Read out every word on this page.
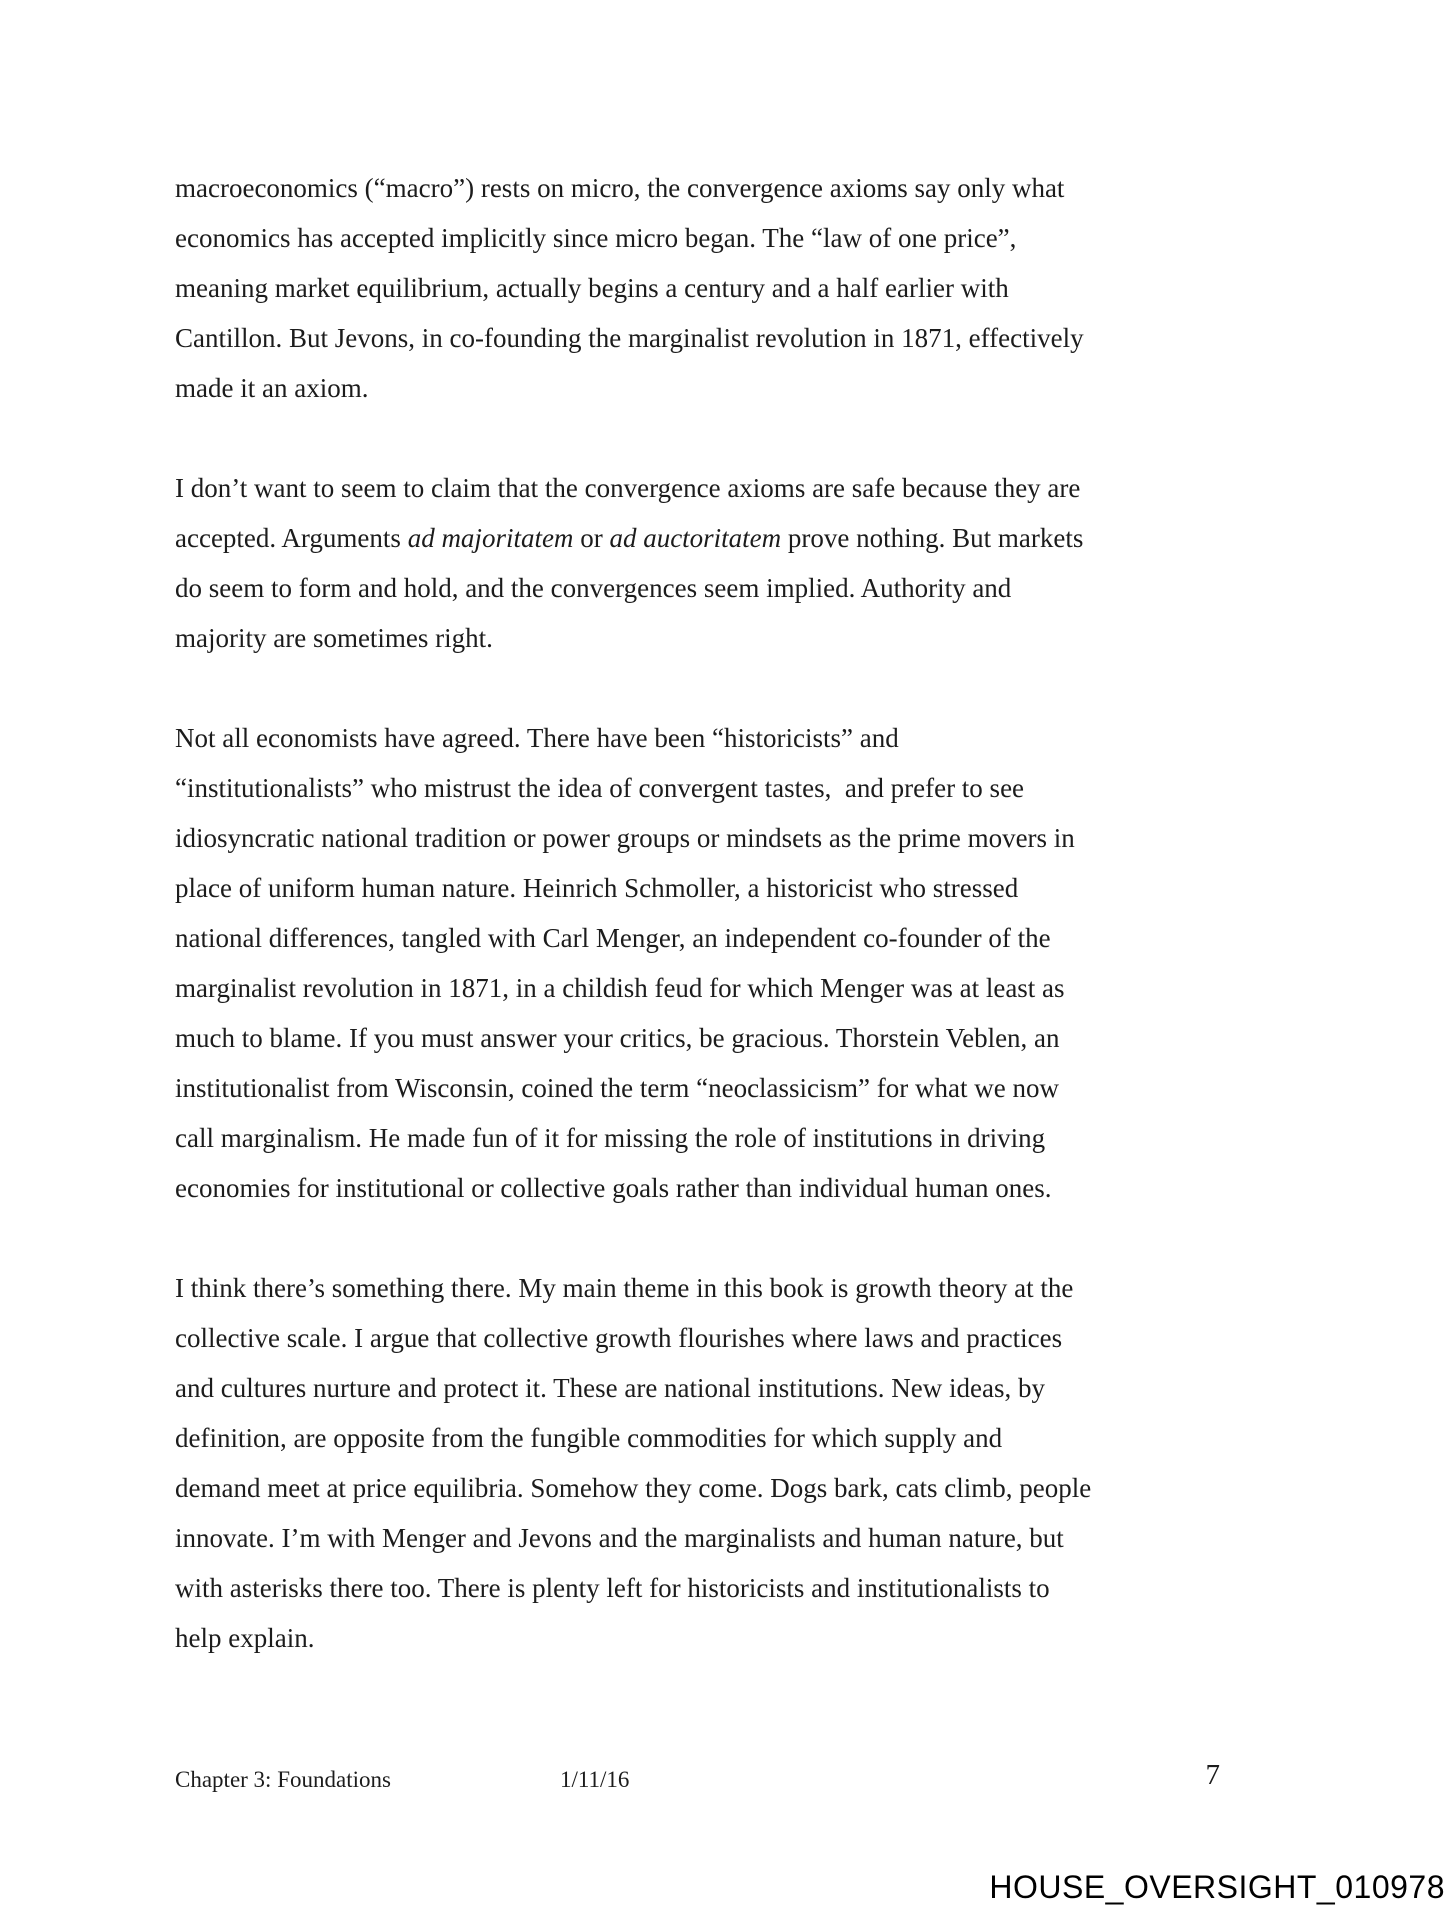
macroeconomics (“macro”) rests on micro, the convergence axioms say only what
economics has accepted implicitly since micro began. The “law of one price”,
meaning market equilibrium, actually begins a century and a half earlier with
Cantillon. But Jevons, in co-founding the marginalist revolution in 1871, effectively
made it an axiom.
I don’t want to seem to claim that the convergence axioms are safe because they are
accepted. Arguments ad majoritatem or ad auctoritatem prove nothing. But markets
do seem to form and hold, and the convergences seem implied. Authority and
majority are sometimes right.
Not all economists have agreed. There have been “historicists” and
“institutionalists” who mistrust the idea of convergent tastes,  and prefer to see
idiosyncratic national tradition or power groups or mindsets as the prime movers in
place of uniform human nature. Heinrich Schmoller, a historicist who stressed
national differences, tangled with Carl Menger, an independent co-founder of the
marginalist revolution in 1871, in a childish feud for which Menger was at least as
much to blame. If you must answer your critics, be gracious. Thorstein Veblen, an
institutionalist from Wisconsin, coined the term “neoclassicism” for what we now
call marginalism. He made fun of it for missing the role of institutions in driving
economies for institutional or collective goals rather than individual human ones.
I think there’s something there. My main theme in this book is growth theory at the
collective scale. I argue that collective growth flourishes where laws and practices
and cultures nurture and protect it. These are national institutions. New ideas, by
definition, are opposite from the fungible commodities for which supply and
demand meet at price equilibria. Somehow they come. Dogs bark, cats climb, people
innovate. I’m with Menger and Jevons and the marginalists and human nature, but
with asterisks there too. There is plenty left for historicists and institutionalists to
help explain.
Chapter 3: Foundations	1/11/16	7
HOUSE_OVERSIGHT_010978
